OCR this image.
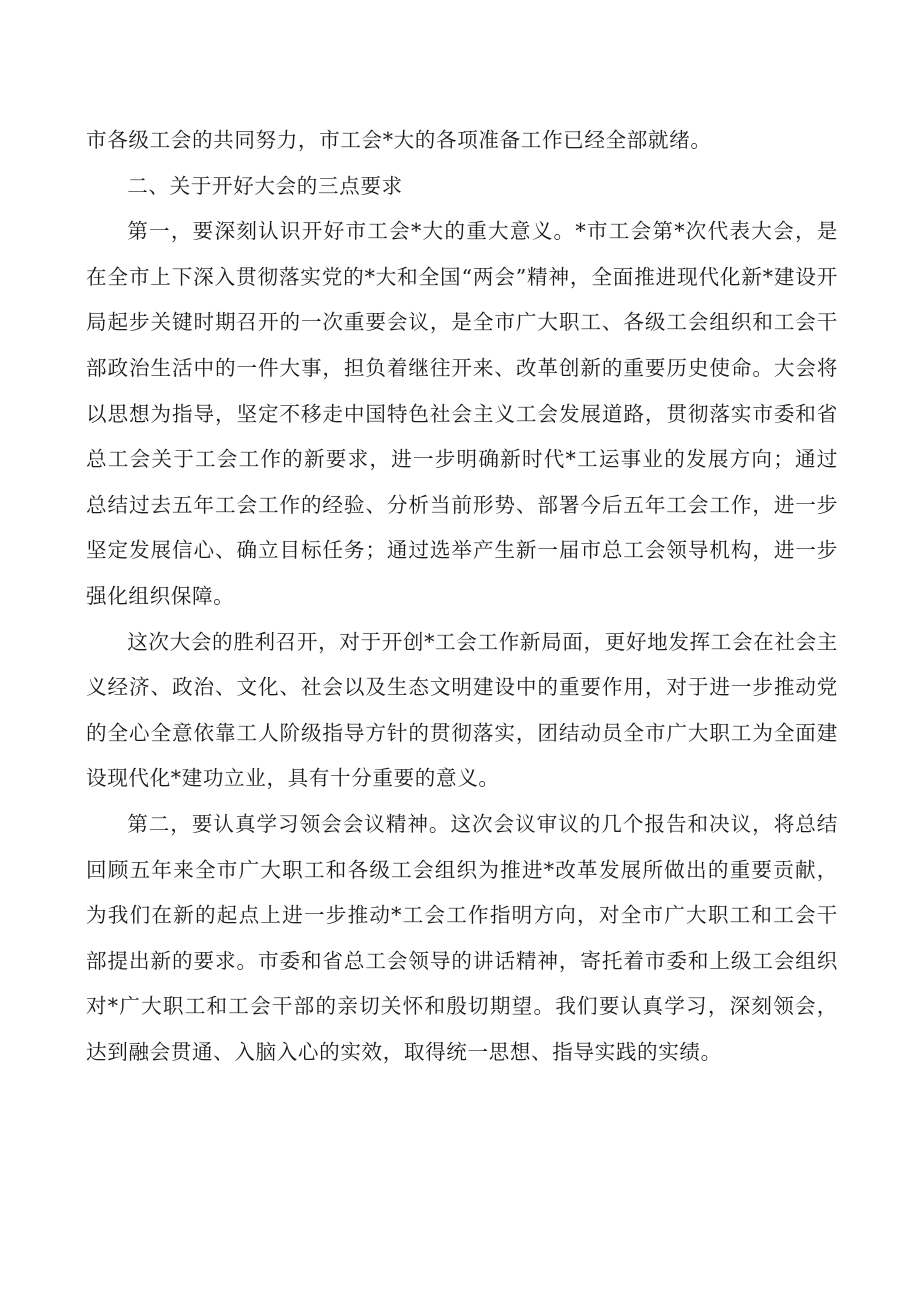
市各级工会的共同努力，市工会*大的各项准备工作已经全部就绪。

二、关于开好大会的三点要求

第一，要深刻认识开好市工会*大的重大意义。*市工会第*次代表大会，是在全市上下深入贯彻落实党的*大和全国“两会”精神，全面推进现代化新*建设开局起步关键时期召开的一次重要会议，是全市广大职工、各级工会组织和工会干部政治生活中的一件大事，担负着继往开来、改革创新的重要历史使命。大会将以思想为指导，坚定不移走中国特色社会主义工会发展道路，贯彻落实市委和省总工会关于工会工作的新要求，进一步明确新时代*工运事业的发展方向；通过总结过去五年工会工作的经验、分析当前形势、部署今后五年工会工作，进一步坚定发展信心、确立目标任务；通过选举产生新一届市总工会领导机构，进一步强化组织保障。

这次大会的胜利召开，对于开创*工会工作新局面，更好地发挥工会在社会主义经济、政治、文化、社会以及生态文明建设中的重要作用，对于进一步推动党的全心全意依靠工人阶级指导方针的贯彻落实，团结动员全市广大职工为全面建设现代化*建功立业，具有十分重要的意义。

第二，要认真学习领会会议精神。这次会议审议的几个报告和决议，将总结回顾五年来全市广大职工和各级工会组织为推进*改革发展所做出的重要贡献，为我们在新的起点上进一步推动*工会工作指明方向，对全市广大职工和工会干部提出新的要求。市委和省总工会领导的讲话精神，寄托着市委和上级工会组织对*广大职工和工会干部的亲切关怀和殷切期望。我们要认真学习，深刻领会，达到融会贯通、入脑入心的实效，取得统一思想、指导实践的实绩。
